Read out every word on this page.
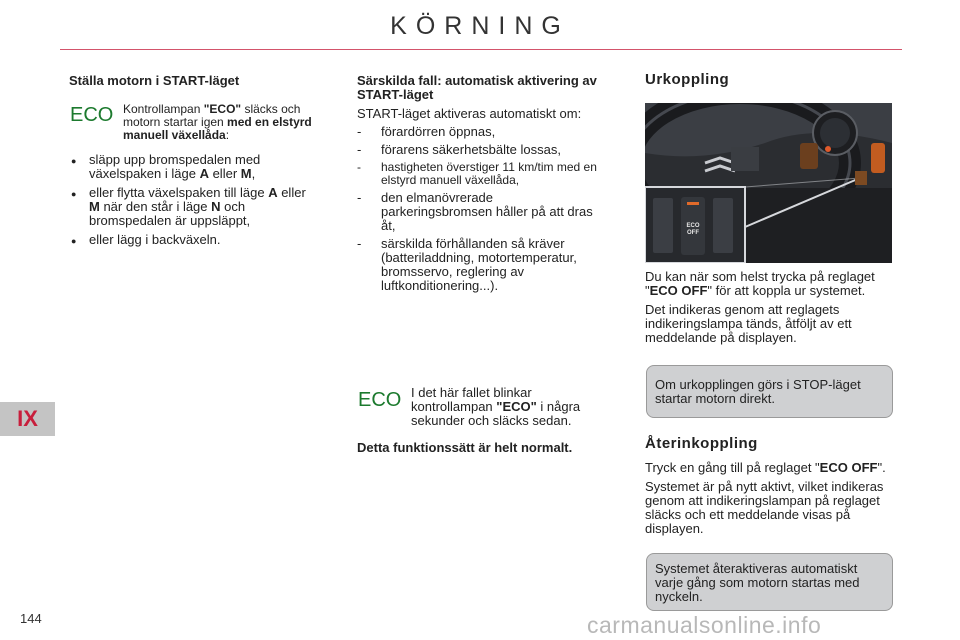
KÖRNING
IX
144	carmanualsonline.info

Ställa motorn i START-läget

ECO Kontrollampan "ECO" släcks och motorn startar igen med en elstyrd manuell växellåda:
● släpp upp bromspedalen med växelspaken i läge A eller M,
● eller flytta växelspaken till läge A eller M när den står i läge N och bromspedalen är uppsläppt,
● eller lägg i backväxeln.

Särskilda fall: automatisk aktivering av START-läget

START-läget aktiveras automatiskt om:

- förardörren öppnas,
- förarens säkerhetsbälte lossas,
- hastigheten överstiger 11 km/tim med en elstyrd manuell växellåda,
- den elmanövrerade parkeringsbromsen håller på att dras åt,
- särskilda förhållanden så kräver (batteriladdning, motortemperatur, bromsservo, reglering av luftkonditionering...).
ECO I det här fallet blinkar kontrollampan "ECO" i några sekunder och släcks sedan.

Detta funktionssätt är helt normalt.

Urkoppling

ECO
OFF

Du kan när som helst trycka på reglaget "ECO OFF" för att koppla ur systemet.

Det indikeras genom att reglagets indikeringslampa tänds, åtföljt av ett meddelande på displayen.

Om urkopplingen görs i STOP-läget startar motorn direkt.

Återinkoppling

Tryck en gång till på reglaget "ECO OFF".

Systemet är på nytt aktivt, vilket indikeras genom att indikeringslampan på reglaget släcks och ett meddelande visas på displayen.

Systemet återaktiveras automatiskt varje gång som motorn startas med nyckeln.
